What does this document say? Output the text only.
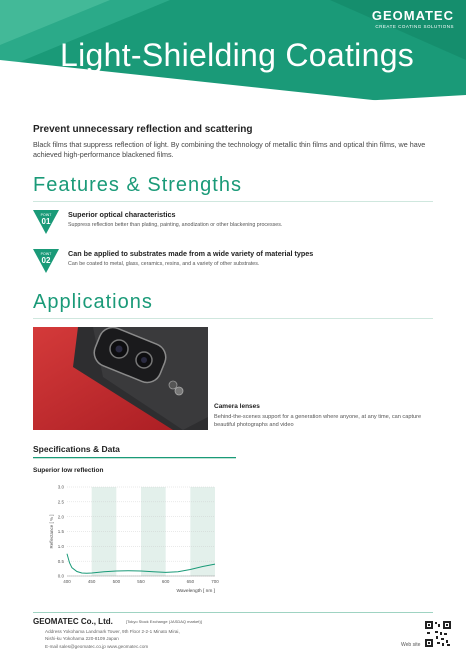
GEOMATEC
CREATE COATING SOLUTIONS
Light-Shielding Coatings
Prevent unnecessary reflection and scattering
Black films that suppress reflection of light. By combining the technology of metallic thin films and optical thin films, we have achieved high-performance blackened films.
Features & Strengths
POINT
01
Superior optical characteristics
Suppress reflection better than plating, painting, anodization or other blackening processes.
POINT
02
Can be applied to substrates made from a wide variety of material types
Can be coated to metal, glass, ceramics, resins, and a variety of other substrates.
Applications
Camera lenses
Behind-the-scenes support for a generation where anyone, at any time, can capture beautiful photographs and video
Specifications & Data
Superior low reflection
0.0
0.5
1.0
1.5
2.0
2.5
3.0
400	450	500	550	600	650	700
Reflectance [ % ]
Wavelength [ nm ]
GEOMATEC Co., Ltd.	[Tokyo Stock Exchange (JASDAQ market)]
Address Yokohama Landmark Tower, 9th Floor 2-2-1 Minato Mirai,
Nishi-ku Yokohama 220-8109 Japan
E-mail sales@geomatec.co.jp www.geomatec.com	Web site
